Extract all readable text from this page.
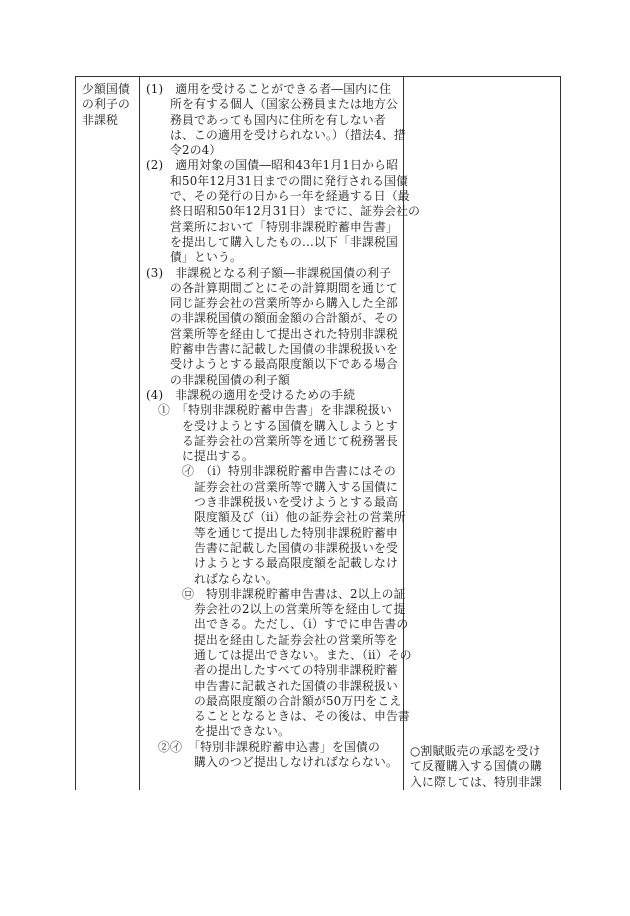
少額国債
の利子の
非課税
(1)　適用を受けることができる者―国内に住
　　所を有する個人（国家公務員または地方公
　　務員であっても国内に住所を有しない者
　　は、この適用を受けられない。）（措法4、措
　　令2の4）
(2)　適用対象の国債―昭和43年1月1日から昭
　　和50年12月31日までの間に発行される国債
　　で、その発行の日から一年を経過する日（最
　　終日昭和50年12月31日）までに、証券会社の
　　営業所において「特別非課税貯蓄申告書」
　　を提出して購入したもの…以下「非課税国
　　債」という。
(3)　非課税となる利子額―非課税国債の利子
　　の各計算期間ごとにその計算期間を通じて
　　同じ証券会社の営業所等から購入した全部
　　の非課税国債の額面金額の合計額が、その
　　営業所等を経由して提出された特別非課税
　　貯蓄申告書に記載した国債の非課税扱いを
　　受けようとする最高限度額以下である場合
　　の非課税国債の利子額
(4)　非課税の適用を受けるための手続
　①　「特別非課税貯蓄申告書」を非課税扱い
　　　を受けようとする国債を購入しようとす
　　　る証券会社の営業所等を通じて税務署長
　　　に提出する。
　　　㋑　（ⅰ）特別非課税貯蓄申告書にはその
　　　　証券会社の営業所等で購入する国債に
　　　　つき非課税扱いを受けようとする最高
　　　　限度額及び（ⅱ）他の証券会社の営業所
　　　　等を通じて提出した特別非課税貯蓄申
　　　　告書に記載した国債の非課税扱いを受
　　　　けようとする最高限度額を記載しなけ
　　　　ればならない。
　　　㋺　特別非課税貯蓄申告書は、2以上の証
　　　　券会社の2以上の営業所等を経由して提
　　　　出できる。ただし、（ⅰ）すでに申告書の
　　　　提出を経由した証券会社の営業所等を
　　　　通しては提出できない。また、（ⅱ）その
　　　　者の提出したすべての特別非課税貯蓄
　　　　申告書に記載された国債の非課税扱い
　　　　の最高限度額の合計額が50万円をこえ
　　　　ることとなるときは、その後は、申告書
　　　　を提出できない。
　②㋑　「特別非課税貯蓄申込書」を国債の
　　　　購入のつど提出しなければならない。
○割賦販売の承認を受け
て反覆購入する国債の購
入に際しては、特別非課
